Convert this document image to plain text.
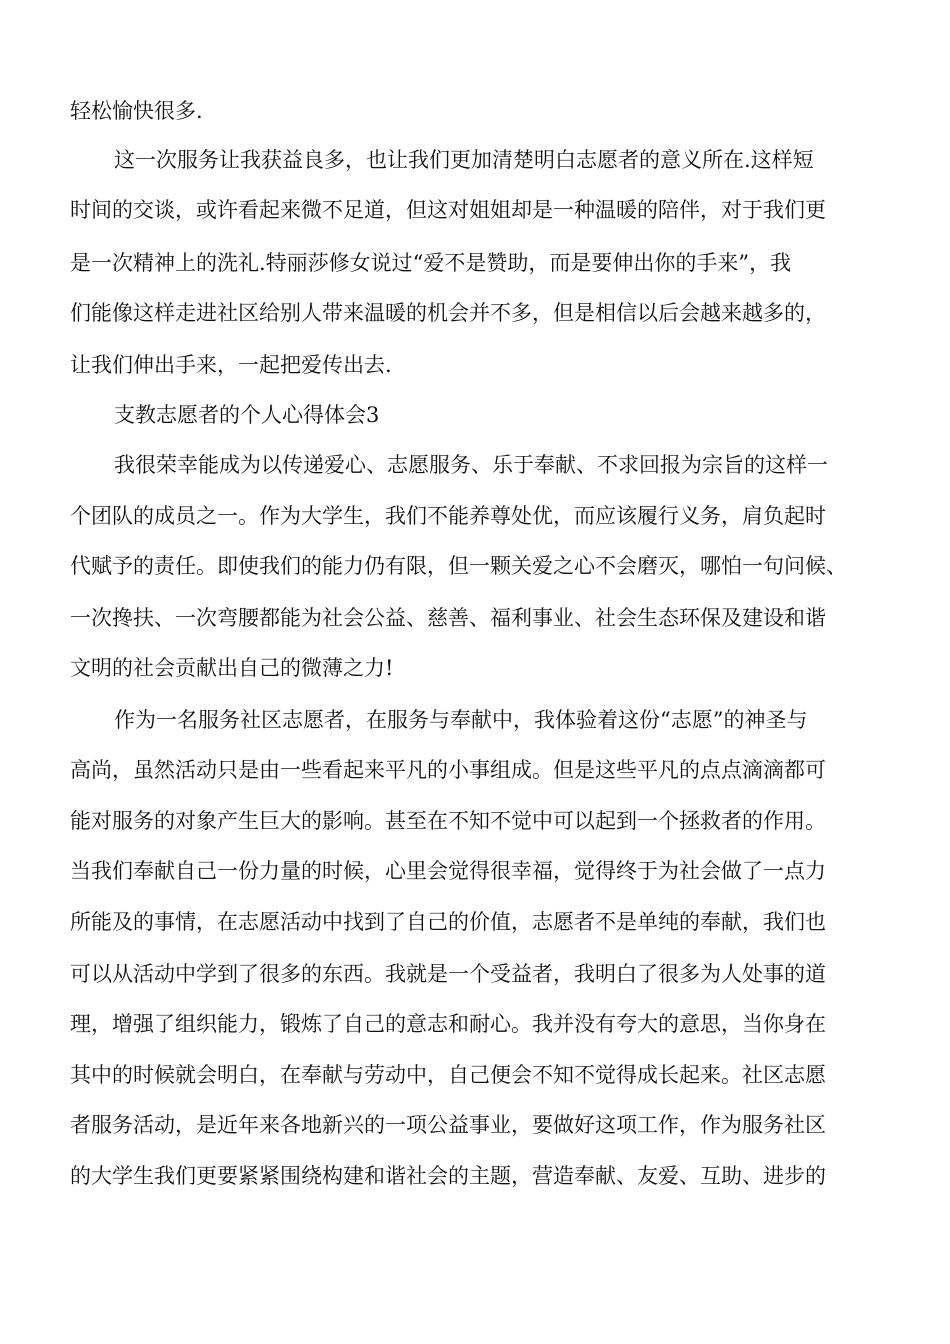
轻松愉快很多.
这一次服务让我获益良多，也让我们更加清楚明白志愿者的意义所在.这样短
时间的交谈，或许看起来微不足道，但这对姐姐却是一种温暖的陪伴，对于我们更
是一次精神上的洗礼.特丽莎修女说过“爱不是赞助，而是要伸出你的手来”，我
们能像这样走进社区给别人带来温暖的机会并不多，但是相信以后会越来越多的，
让我们伸出手来，一起把爱传出去.
支教志愿者的个人心得体会3
我很荣幸能成为以传递爱心、志愿服务、乐于奉献、不求回报为宗旨的这样一
个团队的成员之一。作为大学生，我们不能养尊处优，而应该履行义务，肩负起时
代赋予的责任。即使我们的能力仍有限，但一颗关爱之心不会磨灭，哪怕一句问候、
一次搀扶、一次弯腰都能为社会公益、慈善、福利事业、社会生态环保及建设和谐
文明的社会贡献出自己的微薄之力!
作为一名服务社区志愿者，在服务与奉献中，我体验着这份“志愿”的神圣与
高尚，虽然活动只是由一些看起来平凡的小事组成。但是这些平凡的点点滴滴都可
能对服务的对象产生巨大的影响。甚至在不知不觉中可以起到一个拯救者的作用。
当我们奉献自己一份力量的时候，心里会觉得很幸福，觉得终于为社会做了一点力
所能及的事情，在志愿活动中找到了自己的价值，志愿者不是单纯的奉献，我们也
可以从活动中学到了很多的东西。我就是一个受益者，我明白了很多为人处事的道
理，增强了组织能力，锻炼了自己的意志和耐心。我并没有夸大的意思，当你身在
其中的时候就会明白，在奉献与劳动中，自己便会不知不觉得成长起来。社区志愿
者服务活动，是近年来各地新兴的一项公益事业，要做好这项工作，作为服务社区
的大学生我们更要紧紧围绕构建和谐社会的主题，营造奉献、友爱、互助、进步的
